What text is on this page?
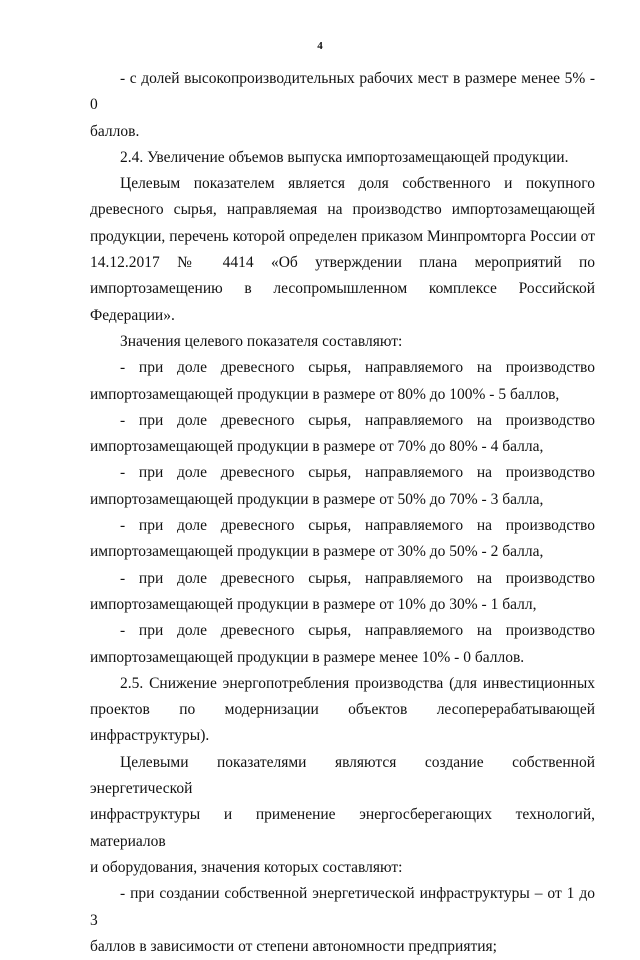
4

- с долей высокопроизводительных рабочих мест в размере менее 5% - 0
баллов.

2.4. Увеличение объемов выпуска импортозамещающей продукции.

Целевым показателем является доля собственного и покупного
древесного сырья, направляемая на производство импортозамещающей
продукции, перечень которой определен приказом Минпромторга России от
14.12.2017 № 4414 «Об утверждении плана мероприятий по
импортозамещению в лесопромышленном комплексе Российской
Федерации».

Значения целевого показателя составляют:

- при доле древесного сырья, направляемого на производство
импортозамещающей продукции в размере от 80% до 100% - 5 баллов,

- при доле древесного сырья, направляемого на производство
импортозамещающей продукции в размере от 70% до 80% - 4 балла,

- при доле древесного сырья, направляемого на производство
импортозамещающей продукции в размере от 50% до 70% - 3 балла,

- при доле древесного сырья, направляемого на производство
импортозамещающей продукции в размере от 30% до 50% - 2 балла,

- при доле древесного сырья, направляемого на производство
импортозамещающей продукции в размере от 10% до 30% - 1 балл,

- при доле древесного сырья, направляемого на производство
импортозамещающей продукции в размере менее 10% - 0 баллов.

2.5. Снижение энергопотребления производства (для инвестиционных
проектов по модернизации объектов лесоперерабатывающей
инфраструктуры).

Целевыми показателями являются создание собственной энергетической
инфраструктуры и применение энергосберегающих технологий, материалов
и оборудования, значения которых составляют:

- при создании собственной энергетической инфраструктуры – от 1 до 3
баллов в зависимости от степени автономности предприятия;
